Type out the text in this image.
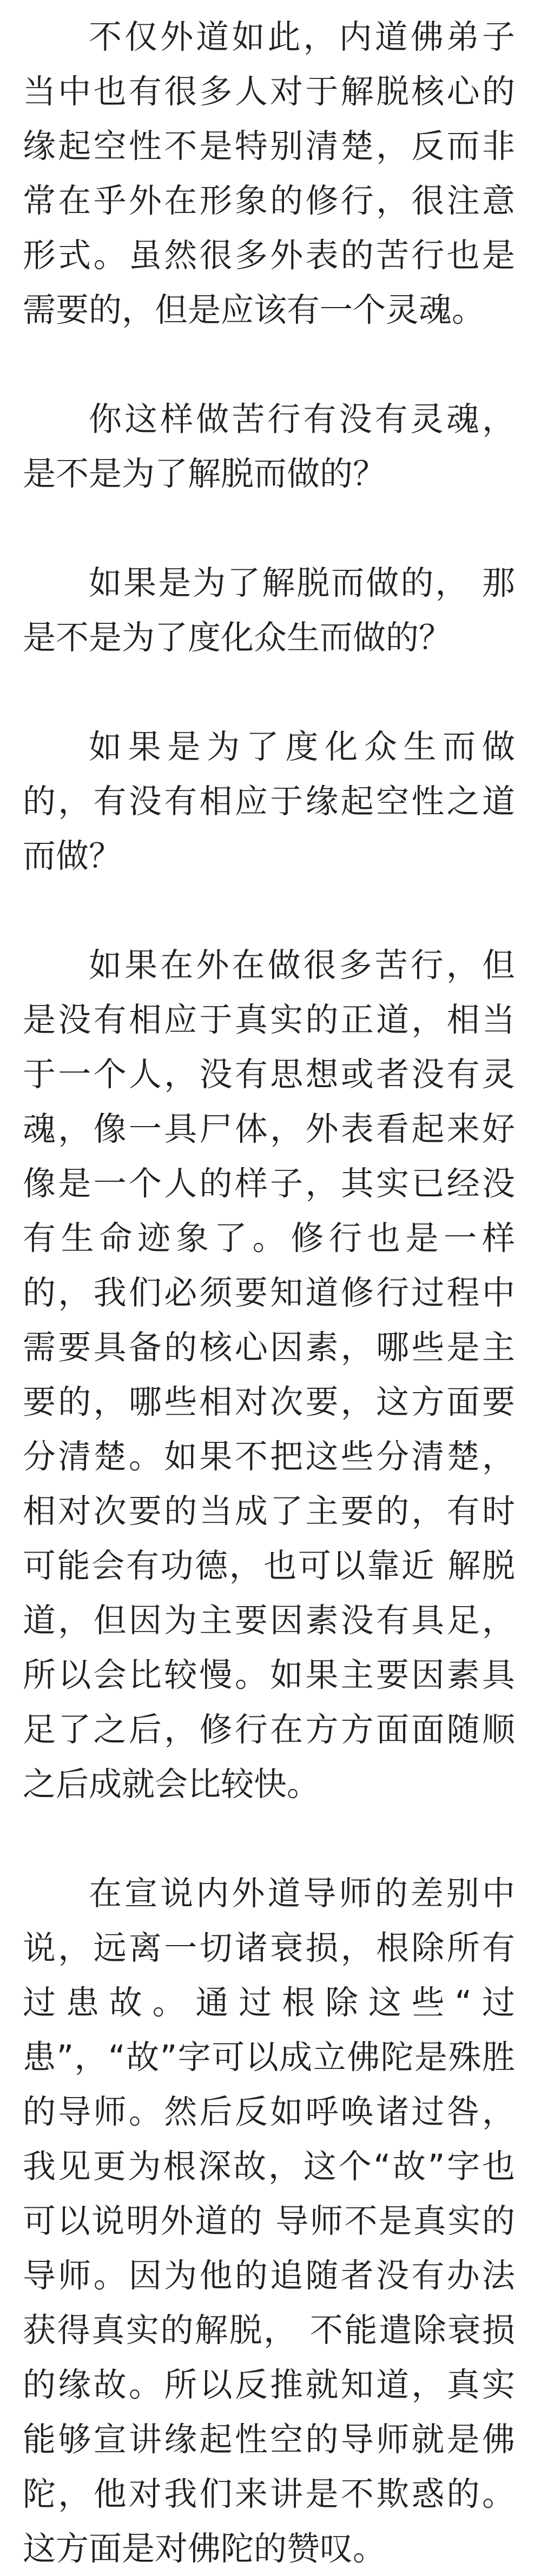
不仅外道如此，内道佛弟子当中也有很多人对于解脱核心的缘起空性不是特别清楚，反而非常在乎外在形象的修行，很注意形式。虽然很多外表的苦行也是需要的，但是应该有一个灵魂。

你这样做苦行有没有灵魂，是不是为了解脱而做的？

如果是为了解脱而做的， 那是不是为了度化众生而做的？

如果是为了度化众生而做的，有没有相应于缘起空性之道而做？

如果在外在做很多苦行，但是没有相应于真实的正道，相当于一个人，没有思想或者没有灵魂，像一具尸体，外表看起来好像是一个人的样子，其实已经没有生命迹象了。修行也是一样的，我们必须要知道修行过程中需要具备的核心因素，哪些是主要的，哪些相对次要，这方面要分清楚。如果不把这些分清楚，相对次要的当成了主要的，有时可能会有功德，也可以靠近 解脱道，但因为主要因素没有具足，所以会比较慢。如果主要因素具 足了之后，修行在方方面面随顺之后成就会比较快。

在宣说内外道导师的差别中说，远离一切诸衰损，根除所有过患故。通过根除这些“过患”，“故”字可以成立佛陀是殊胜的导师。然后反如呼唤诸过咎，我见更为根深故，这个“故”字也可以说明外道的 导师不是真实的导师。因为他的追随者没有办法获得真实的解脱， 不能遣除衰损的缘故。所以反推就知道，真实能够宣讲缘起性空的导师就是佛陀，他对我们来讲是不欺惑的。这方面是对佛陀的赞叹。
